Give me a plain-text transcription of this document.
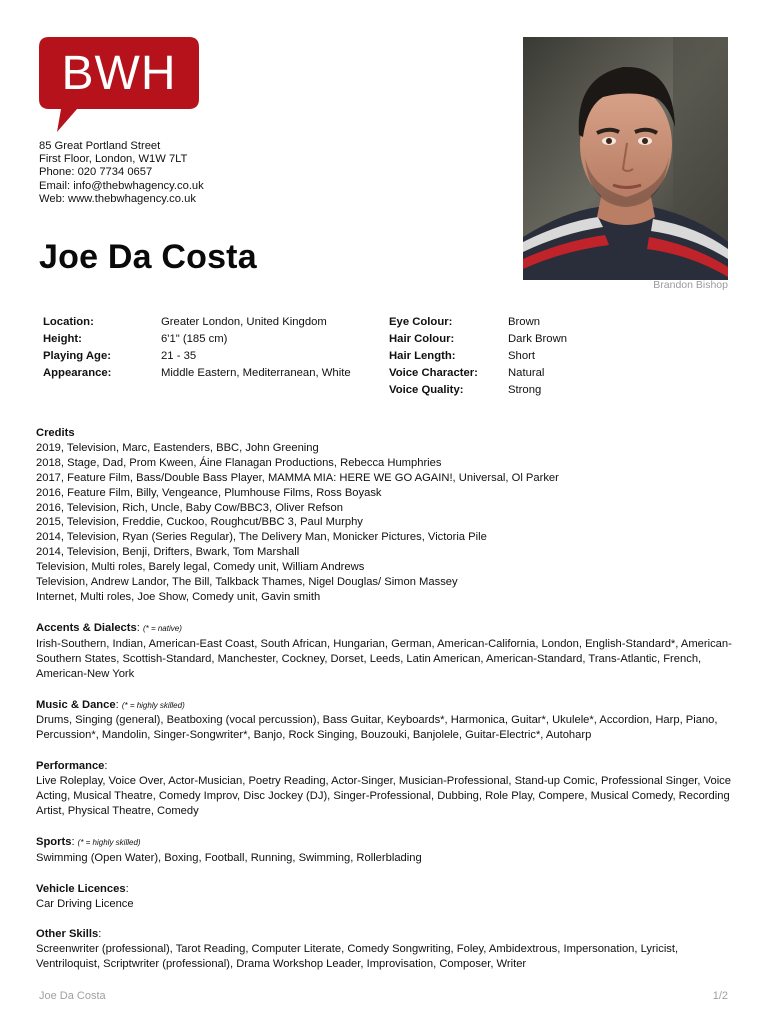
BWH
85 Great Portland Street
First Floor, London, W1W 7LT
Phone: 020 7734 0657
Email: info@thebwhagency.co.uk
Web: www.thebwhagency.co.uk
Joe Da Costa
Brandon Bishop
Location:	Greater London, United Kingdom
Height:	6'1" (185 cm)
Playing Age:	21 - 35
Appearance:	Middle Eastern, Mediterranean, White
Eye Colour:	Brown
Hair Colour:	Dark Brown
Hair Length:	Short
Voice Character:	Natural
Voice Quality:	Strong
Credits
2019, Television, Marc, Eastenders, BBC, John Greening
2018, Stage, Dad, Prom Kween, Áine Flanagan Productions, Rebecca Humphries
2017, Feature Film, Bass/Double Bass Player, MAMMA MIA: HERE WE GO AGAIN!, Universal, Ol Parker
2016, Feature Film, Billy, Vengeance, Plumhouse Films, Ross Boyask
2016, Television, Rich, Uncle, Baby Cow/BBC3, Oliver Refson
2015, Television, Freddie, Cuckoo, Roughcut/BBC 3, Paul Murphy
2014, Television, Ryan (Series Regular), The Delivery Man, Monicker Pictures, Victoria Pile
2014, Television, Benji, Drifters, Bwark, Tom Marshall
Television, Multi roles, Barely legal, Comedy unit, William Andrews
Television, Andrew Landor, The Bill, Talkback Thames, Nigel Douglas/ Simon Massey
Internet, Multi roles, Joe Show, Comedy unit, Gavin smith
Accents & Dialects: (* = native)
Irish-Southern, Indian, American-East Coast, South African, Hungarian, German, American-California, London, English-Standard*, American-Southern States, Scottish-Standard, Manchester, Cockney, Dorset, Leeds, Latin American, American-Standard, Trans-Atlantic, French, American-New York
Music & Dance: (* = highly skilled)
Drums, Singing (general), Beatboxing (vocal percussion), Bass Guitar, Keyboards*, Harmonica, Guitar*, Ukulele*, Accordion, Harp, Piano, Percussion*, Mandolin, Singer-Songwriter*, Banjo, Rock Singing, Bouzouki, Banjolele, Guitar-Electric*, Autoharp
Performance:
Live Roleplay, Voice Over, Actor-Musician, Poetry Reading, Actor-Singer, Musician-Professional, Stand-up Comic, Professional Singer, Voice Acting, Musical Theatre, Comedy Improv, Disc Jockey (DJ), Singer-Professional, Dubbing, Role Play, Compere, Musical Comedy, Recording Artist, Physical Theatre, Comedy
Sports: (* = highly skilled)
Swimming (Open Water), Boxing, Football, Running, Swimming, Rollerblading
Vehicle Licences:
Car Driving Licence
Other Skills:
Screenwriter (professional), Tarot Reading, Computer Literate, Comedy Songwriting, Foley, Ambidextrous, Impersonation, Lyricist, Ventriloquist, Scriptwriter (professional), Drama Workshop Leader, Improvisation, Composer, Writer
Joe Da Costa	1/2
